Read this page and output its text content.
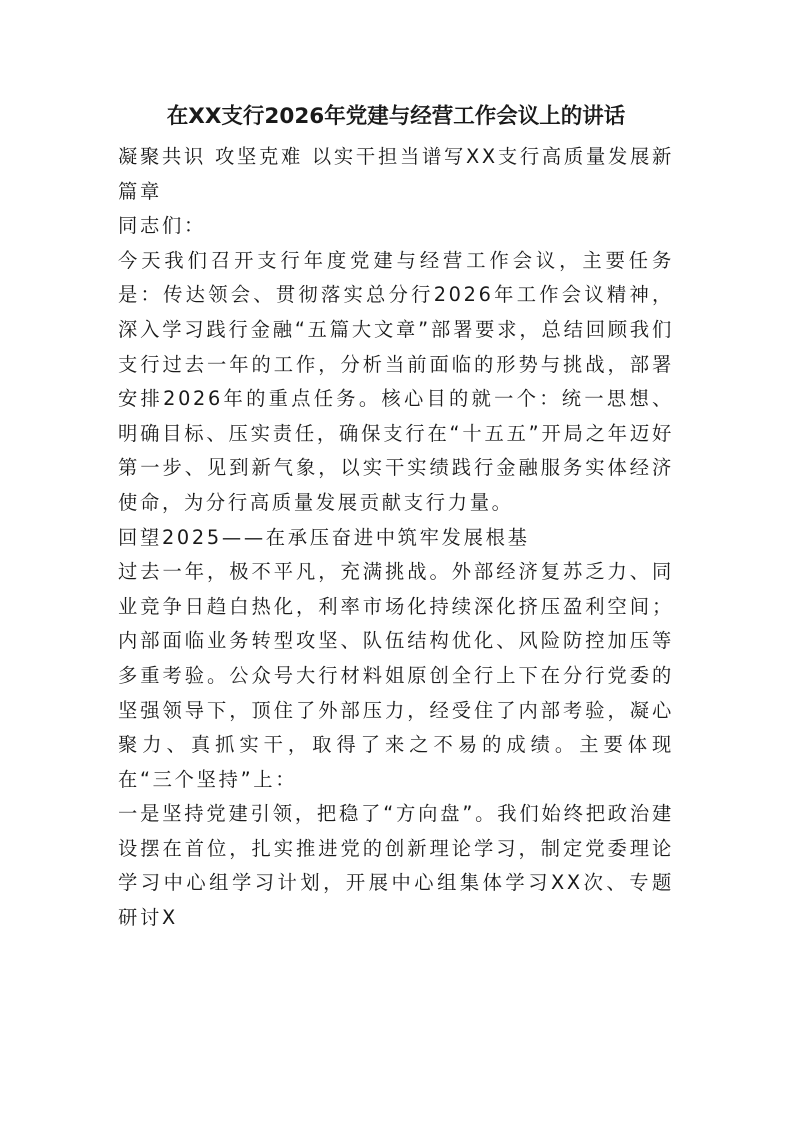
在XX支行2026年党建与经营工作会议上的讲话

凝聚共识 攻坚克难 以实干担当谱写XX支行高质量发展新篇章

同志们：

今天我们召开支行年度党建与经营工作会议，主要任务是：传达领会、贯彻落实总分行2026年工作会议精神，深入学习践行金融“五篇大文章”部署要求，总结回顾我们支行过去一年的工作，分析当前面临的形势与挑战，部署安排2026年的重点任务。核心目的就一个：统一思想、明确目标、压实责任，确保支行在“十五五”开局之年迈好第一步、见到新气象，以实干实绩践行金融服务实体经济使命，为分行高质量发展贡献支行力量。

回望2025——在承压奋进中筑牢发展根基

过去一年，极不平凡，充满挑战。外部经济复苏乏力、同业竞争日趋白热化，利率市场化持续深化挤压盈利空间；内部面临业务转型攻坚、队伍结构优化、风险防控加压等多重考验。公众号大行材料姐原创全行上下在分行党委的坚强领导下，顶住了外部压力，经受住了内部考验，凝心聚力、真抓实干，取得了来之不易的成绩。主要体现在“三个坚持”上：

一是坚持党建引领，把稳了“方向盘”。我们始终把政治建设摆在首位，扎实推进党的创新理论学习，制定党委理论学习中心组学习计划，开展中心组集体学习XX次、专题研讨X
